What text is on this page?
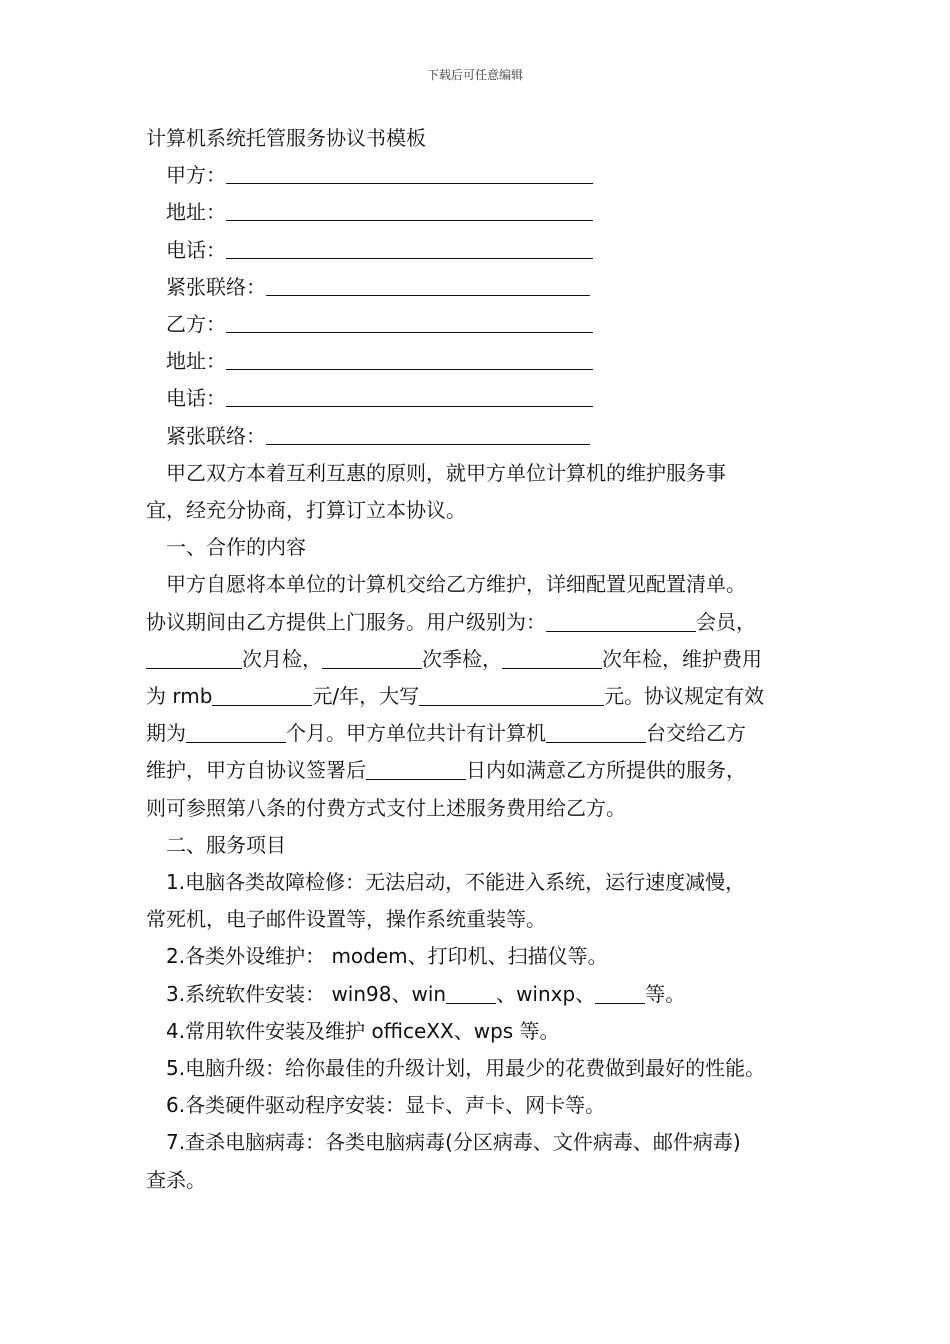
下载后可任意编辑
计算机系统托管服务协议书模板
甲方：
地址：
电话：
紧张联络：
乙方：
地址：
电话：
紧张联络：
甲乙双方本着互利互惠的原则，就甲方单位计算机的维护服务事
宜，经充分协商，打算订立本协议。
一、合作的内容
甲方自愿将本单位的计算机交给乙方维护，详细配置见配置清单。
协议期间由乙方提供上门服务。用户级别为：	会员，
次月检，	次季检，	次年检，维护费用
为 rmb	元/年，大写	元。协议规定有效
期为	个月。甲方单位共计有计算机	台交给乙方
维护，甲方自协议签署后	日内如满意乙方所提供的服务，
则可参照第八条的付费方式支付上述服务费用给乙方。
二、服务项目
1.电脑各类故障检修：无法启动，不能进入系统，运行速度减慢，
常死机，电子邮件设置等，操作系统重装等。
2.各类外设维护： modem、打印机、扫描仪等。
3.系统软件安装： win98、win	、winxp、	等。
4.常用软件安装及维护 officeXX、wps 等。
5.电脑升级：给你最佳的升级计划，用最少的花费做到最好的性能。
6.各类硬件驱动程序安装：显卡、声卡、网卡等。
7.查杀电脑病毒：各类电脑病毒(分区病毒、文件病毒、邮件病毒)
查杀。
